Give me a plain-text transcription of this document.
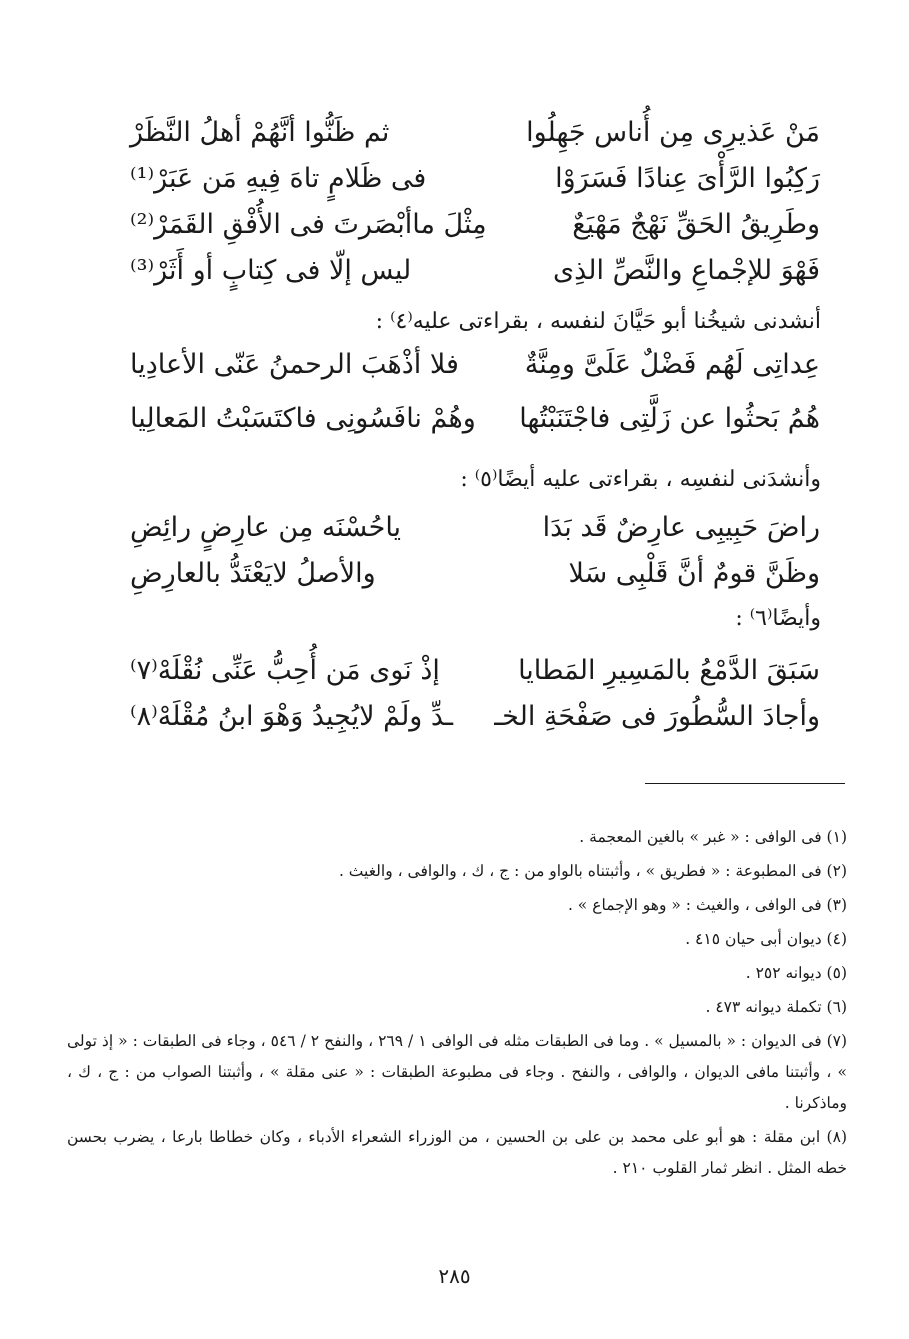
مَنْ عَذيرِى مِن أُناس جَهِلُوا
ثم ظَنُّوا أنَّهُمْ أهلُ النَّظَرْ
رَكِبُوا الرَّأْىَ عِنادًا فَسَرَوْا
فى ظَلامٍ تاهَ فِيهِ مَن عَبَرْ⁽¹⁾
وطَرِيقُ الحَقِّ نَهْجٌ مَهْيَعٌ
مِثْلَ ماأبْصَرتَ فى الأُفْقِ القَمَرْ⁽²⁾
فَهْوَ للإجْماعِ والنَّصِّ الذِى
ليس إلّا فى كِتابٍ أو أَثَرْ⁽³⁾
أنشدنى شيخُنا أبو حَيَّانَ لنفسه ، بقراءتى عليه⁽٤⁾ :
عِداتِى لَهُم فَضْلٌ عَلَىَّ ومِنَّةٌ
فلا أذْهَبَ الرحمنُ عَنّى الأعادِيا
هُمُ بَحثُوا عن زَلَّتِى فاجْتَنَبْتُها
وهُمْ نافَسُونِى فاكتَسَبْتُ المَعالِيا
وأنشدَنى لنفسِه ، بقراءتى عليه أيضًا⁽٥⁾ :
راضَ حَبِيبِى عارِضٌ قَد بَدَا
ياحُسْنَه مِن عارِضٍ رائِضِ
وظَنَّ قومٌ أنَّ قَلْبِى سَلا
والأصلُ لايَعْتَدُّ بالعارِضِ
وأيضًا⁽٦⁾ :
سَبَقَ الدَّمْعُ بالمَسِيرِ المَطايا
إذْ نَوى مَن أُحِبُّ عَنِّى نُقْلَهْ⁽٧⁾
وأجادَ السُّطُورَ فى صَفْحَةِ الخـ
ـدِّ ولَمْ لايُجِيدُ وَهْوَ ابنُ مُقْلَهْ⁽٨⁾

(١) فى الوافى : « غبر » بالغين المعجمة .

(٢) فى المطبوعة : « فطريق » ، وأثبتناه بالواو من : ج ، ك ، والوافى ، والغيث .

(٣) فى الوافى ، والغيث : « وهو الإجماع » .

(٤) ديوان أبى حيان ٤١٥ .

(٥) ديوانه ٢٥٢ .

(٦) تكملة ديوانه ٤٧٣ .

(٧) فى الديوان : « بالمسيل » . وما فى الطبقات مثله فى الوافى ١ / ٢٦٩ ، والنفح ٢ / ٥٤٦ ، وجاء فى الطبقات : « إذ تولى » ، وأثبتنا مافى الديوان ، والوافى ، والنفح . وجاء فى مطبوعة الطبقات : « عنى مقلة » ، وأثبتنا الصواب من : ج ، ك ، وماذكرنا .

(٨) ابن مقلة : هو أبو على محمد بن على بن الحسين ، من الوزراء الشعراء الأدباء ، وكان خطاطا بارعا ، يضرب بحسن خطه المثل . انظر ثمار القلوب ٢١٠ .

٢٨٥
